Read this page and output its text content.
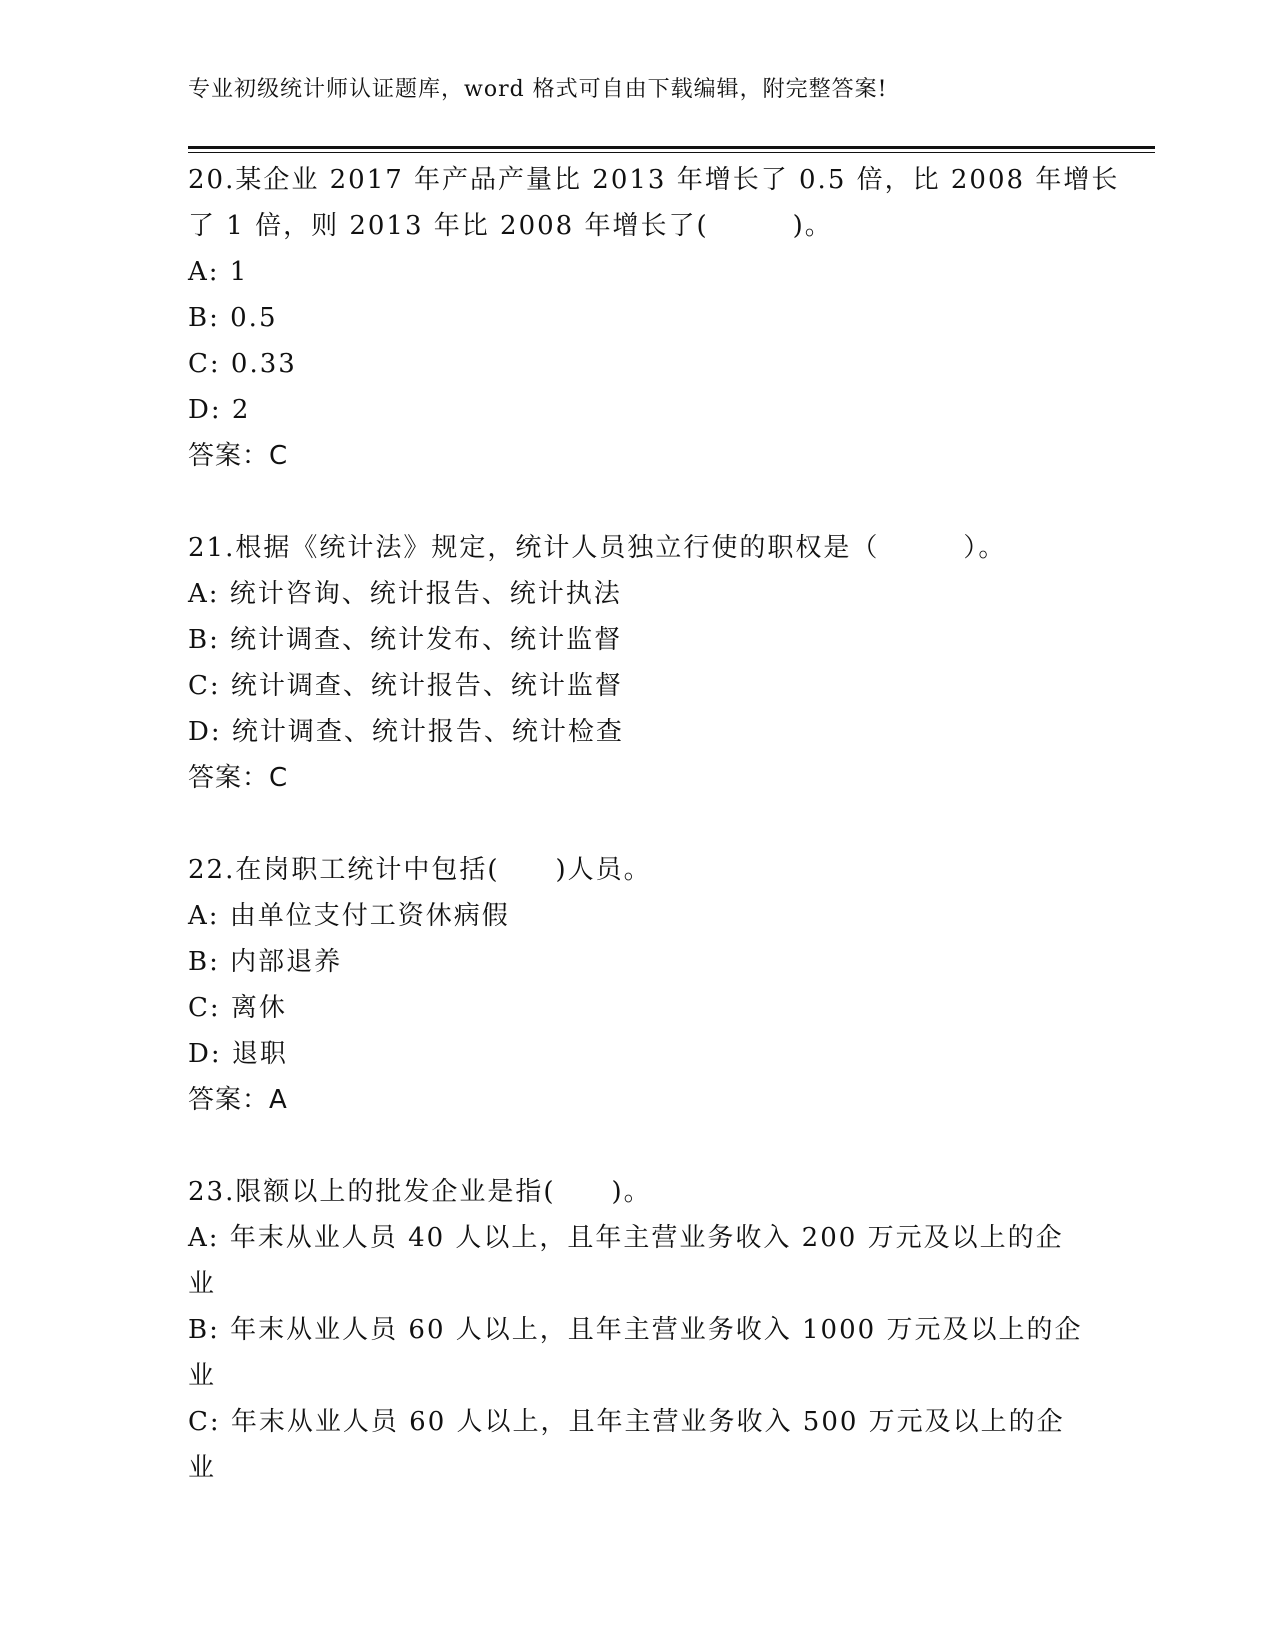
专业初级统计师认证题库，word 格式可自由下载编辑，附完整答案!
20.某企业 2017 年产品产量比 2013 年增长了 0.5 倍，比 2008 年增长
了 1 倍，则 2013 年比 2008 年增长了(　　　)。
A: 1
B: 0.5
C: 0.33
D: 2
答案：C
21.根据《统计法》规定，统计人员独立行使的职权是（　　　）。
A: 统计咨询、统计报告、统计执法
B: 统计调查、统计发布、统计监督
C: 统计调查、统计报告、统计监督
D: 统计调查、统计报告、统计检查
答案：C
22.在岗职工统计中包括(　　)人员。
A: 由单位支付工资休病假
B: 内部退养
C: 离休
D: 退职
答案：A
23.限额以上的批发企业是指(　　)。
A: 年末从业人员 40 人以上，且年主营业务收入 200 万元及以上的企
业
B: 年末从业人员 60 人以上，且年主营业务收入 1000 万元及以上的企
业
C: 年末从业人员 60 人以上，且年主营业务收入 500 万元及以上的企
业
